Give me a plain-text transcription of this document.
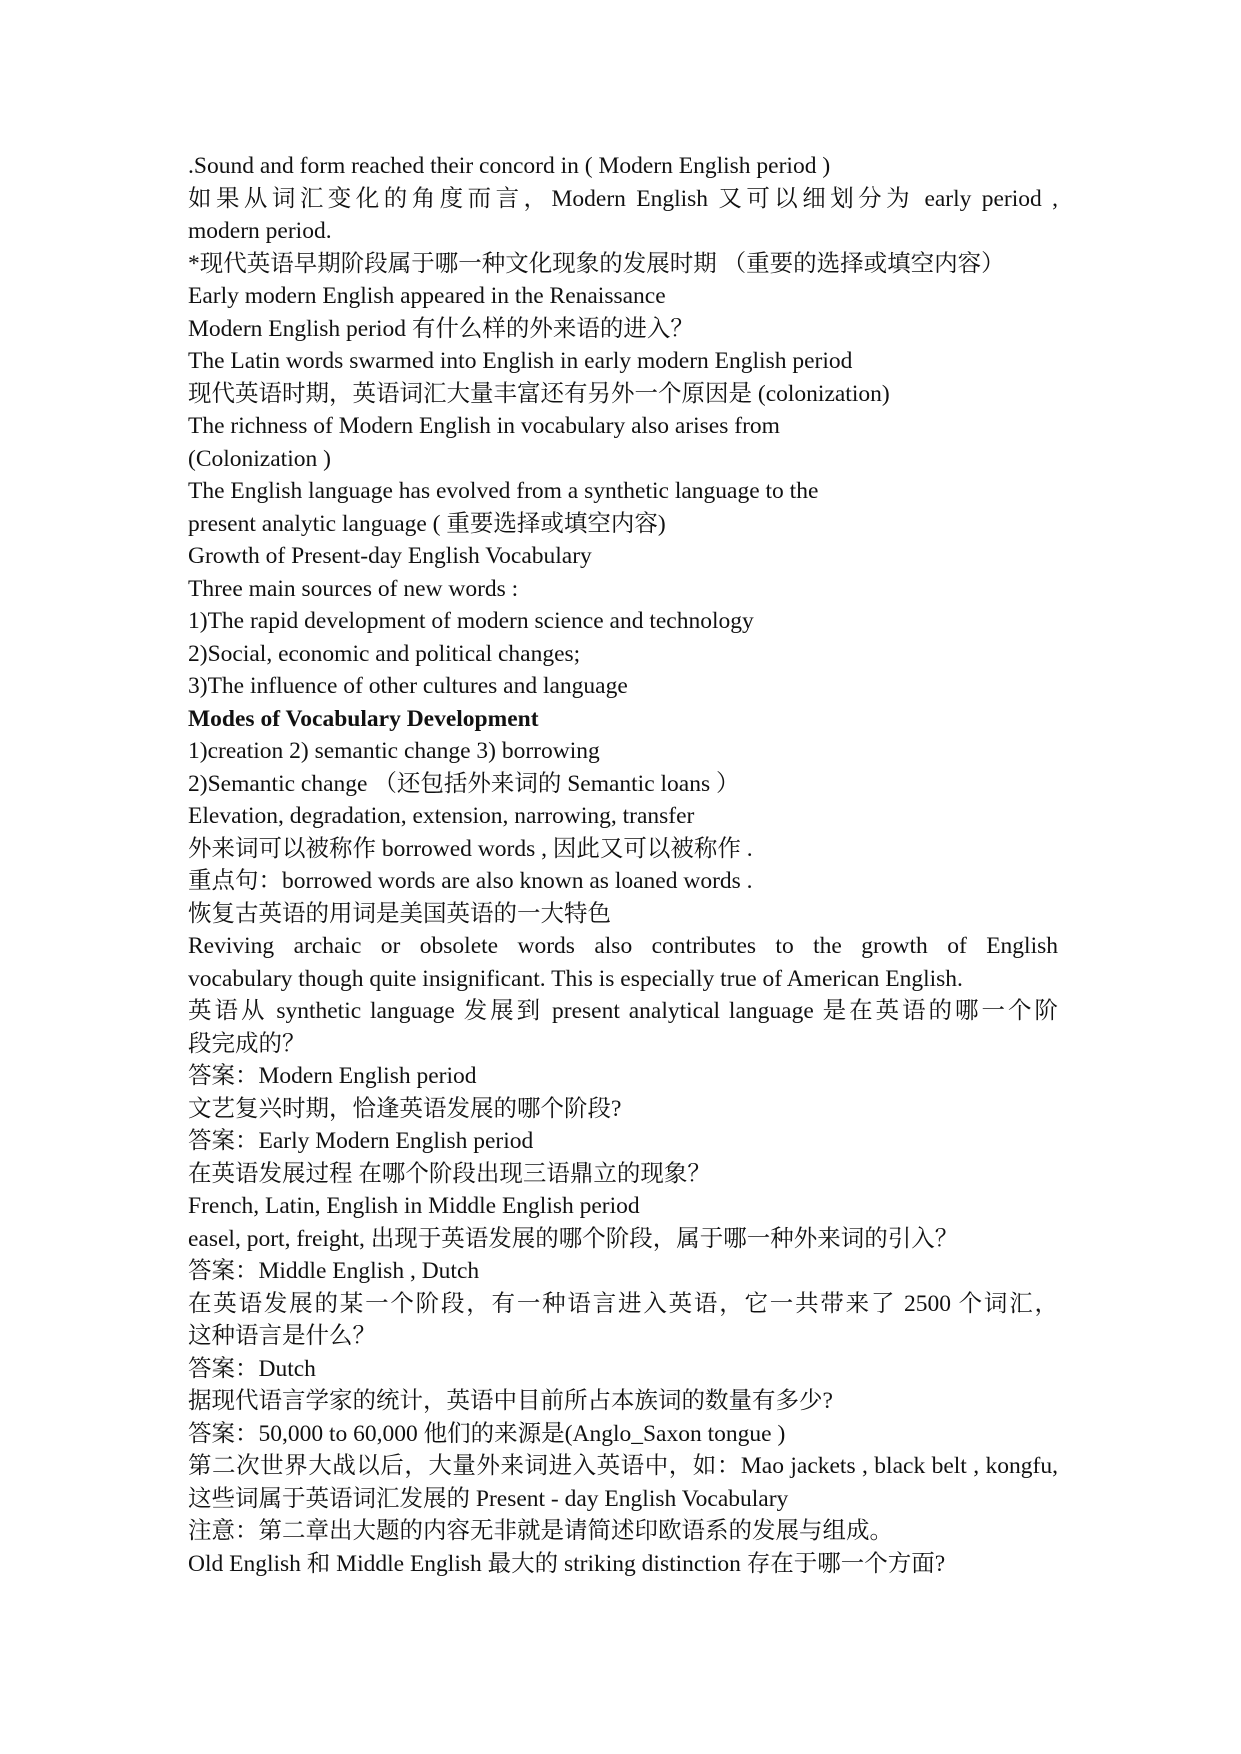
.Sound and form reached their concord in ( Modern English period )
如果从词汇变化的角度而言，Modern English 又可以细划分为 early period ,
modern period.
*现代英语早期阶段属于哪一种文化现象的发展时期 （重要的选择或填空内容）
Early modern English appeared in the Renaissance
Modern English period 有什么样的外来语的进入？
The Latin words swarmed into English in early modern English period
现代英语时期，英语词汇大量丰富还有另外一个原因是 (colonization)
The richness of Modern English in vocabulary also arises from
(Colonization )
The English language has evolved from a synthetic language to the
present analytic language ( 重要选择或填空内容)
Growth of Present-day English Vocabulary
Three main sources of new words :
1)The rapid development of modern science and technology
2)Social, economic and political changes;
3)The influence of other cultures and language
Modes of Vocabulary Development
1)creation 2) semantic change 3) borrowing
2)Semantic change （还包括外来词的 Semantic loans ）
Elevation, degradation, extension, narrowing, transfer
外来词可以被称作 borrowed words , 因此又可以被称作 .
重点句：borrowed words are also known as loaned words .
恢复古英语的用词是美国英语的一大特色
Reviving archaic or obsolete words also contributes to the growth of English
vocabulary though quite insignificant. This is especially true of American English.
英语从 synthetic language 发展到 present analytical language 是在英语的哪一个阶
段完成的？
答案：Modern English period
文艺复兴时期，恰逢英语发展的哪个阶段?
答案：Early Modern English period
在英语发展过程 在哪个阶段出现三语鼎立的现象？
French, Latin, English in Middle English period
easel, port, freight, 出现于英语发展的哪个阶段，属于哪一种外来词的引入？
答案：Middle English , Dutch
在英语发展的某一个阶段，有一种语言进入英语，它一共带来了 2500 个词汇，
这种语言是什么？
答案：Dutch
据现代语言学家的统计，英语中目前所占本族词的数量有多少?
答案：50,000 to 60,000 他们的来源是(Anglo_Saxon tongue )
第二次世界大战以后，大量外来词进入英语中，如：Mao jackets , black belt , kongfu,
这些词属于英语词汇发展的 Present - day English Vocabulary
注意：第二章出大题的内容无非就是请简述印欧语系的发展与组成。
Old English 和 Middle English 最大的 striking distinction 存在于哪一个方面?
